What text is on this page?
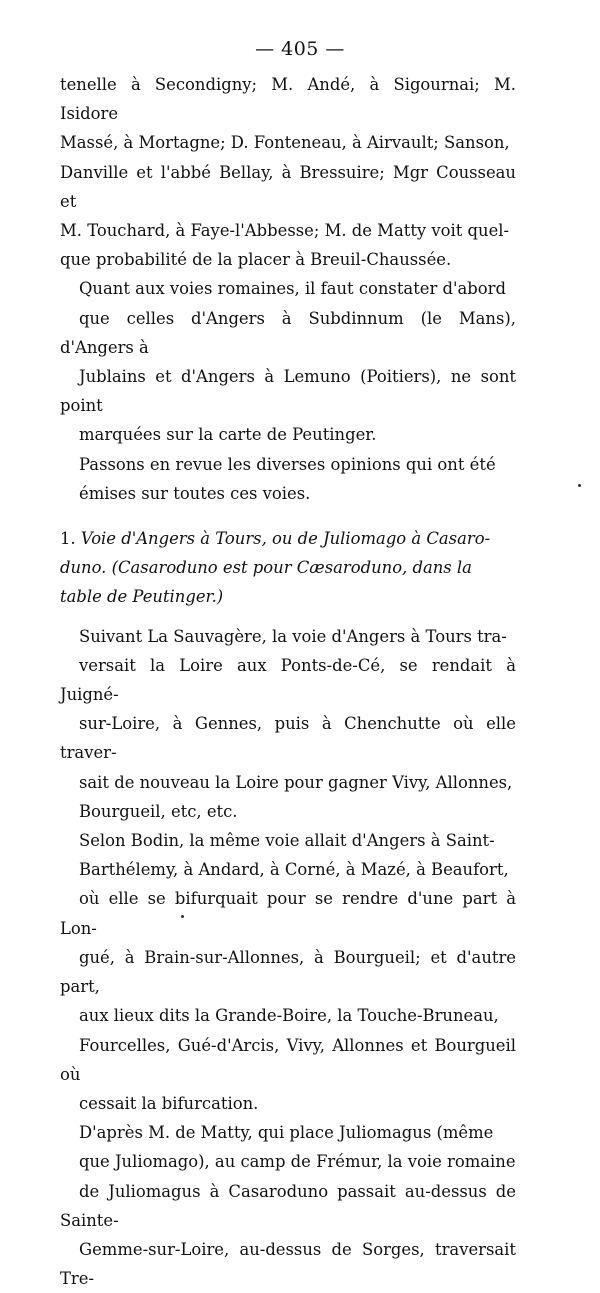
— 405 —

tenelle à Secondigny; M. Andé, à Sigournai; M. Isidore
Massé, à Mortagne; D. Fonteneau, à Airvault; Sanson,
Danville et l'abbé Bellay, à Bressuire; Mgr Cousseau et
M. Touchard, à Faye-l'Abbesse; M. de Matty voit quel-
que probabilité de la placer à Breuil-Chaussée.

Quant aux voies romaines, il faut constater d'abord
que celles d'Angers à Subdinnum (le Mans), d'Angers à
Jublains et d'Angers à Lemuno (Poitiers), ne sont point
marquées sur la carte de Peutinger.

Passons en revue les diverses opinions qui ont été
émises sur toutes ces voies.

1. Voie d'Angers à Tours, ou de Juliomago à Casaro-
duno. (Casaroduno est pour Cæsaroduno, dans la
table de Peutinger.)

Suivant La Sauvagère, la voie d'Angers à Tours tra-
versait la Loire aux Ponts-de-Cé, se rendait à Juigné-
sur-Loire, à Gennes, puis à Chenchutte où elle traver-
sait de nouveau la Loire pour gagner Vivy, Allonnes,
Bourgueil, etc, etc.

Selon Bodin, la même voie allait d'Angers à Saint-
Barthélemy, à Andard, à Corné, à Mazé, à Beaufort,
où elle se bifurquait pour se rendre d'une part à Lon-
gué, à Brain-sur-Allonnes, à Bourgueil; et d'autre part,
aux lieux dits la Grande-Boire, la Touche-Bruneau,
Fourcelles, Gué-d'Arcis, Vivy, Allonnes et Bourgueil où
cessait la bifurcation.

D'après M. de Matty, qui place Juliomagus (même
que Juliomago), au camp de Frémur, la voie romaine
de Juliomagus à Casaroduno passait au-dessus de Sainte-
Gemme-sur-Loire, au-dessus de Sorges, traversait Tre-
